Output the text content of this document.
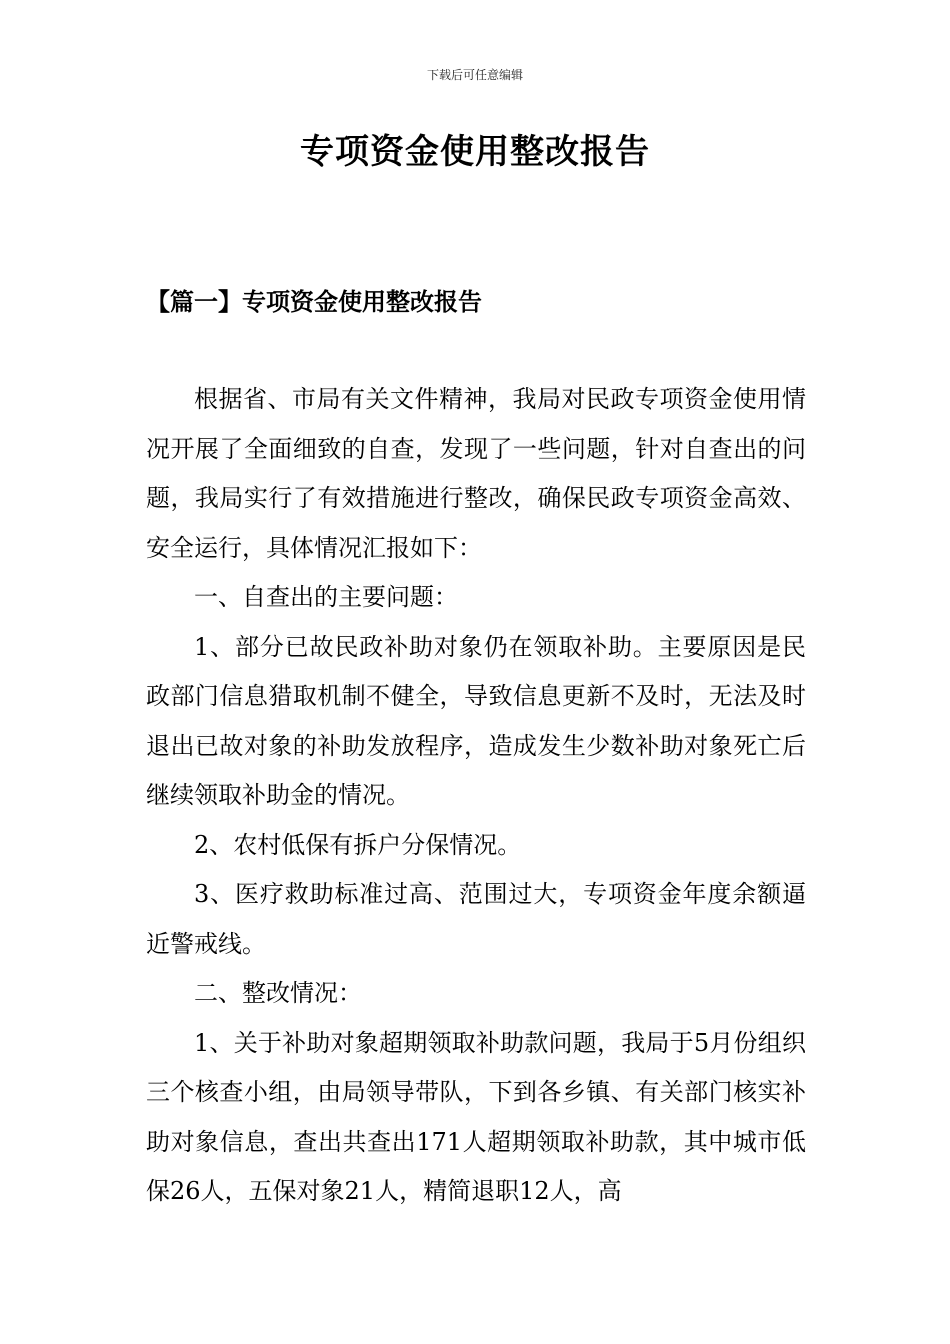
下载后可任意编辑
专项资金使用整改报告
【篇一】专项资金使用整改报告

根据省、市局有关文件精神，我局对民政专项资金使用情况开展了全面细致的自查，发现了一些问题，针对自查出的问题，我局实行了有效措施进行整改，确保民政专项资金高效、安全运行，具体情况汇报如下：

一、自查出的主要问题：

1、部分已故民政补助对象仍在领取补助。主要原因是民政部门信息猎取机制不健全，导致信息更新不及时，无法及时退出已故对象的补助发放程序，造成发生少数补助对象死亡后继续领取补助金的情况。

2、农村低保有拆户分保情况。

3、医疗救助标准过高、范围过大，专项资金年度余额逼近警戒线。

二、整改情况：

1、关于补助对象超期领取补助款问题，我局于5月份组织三个核查小组，由局领导带队，下到各乡镇、有关部门核实补助对象信息，查出共查出171人超期领取补助款，其中城市低保26人，五保对象21人，精简退职12人，高
